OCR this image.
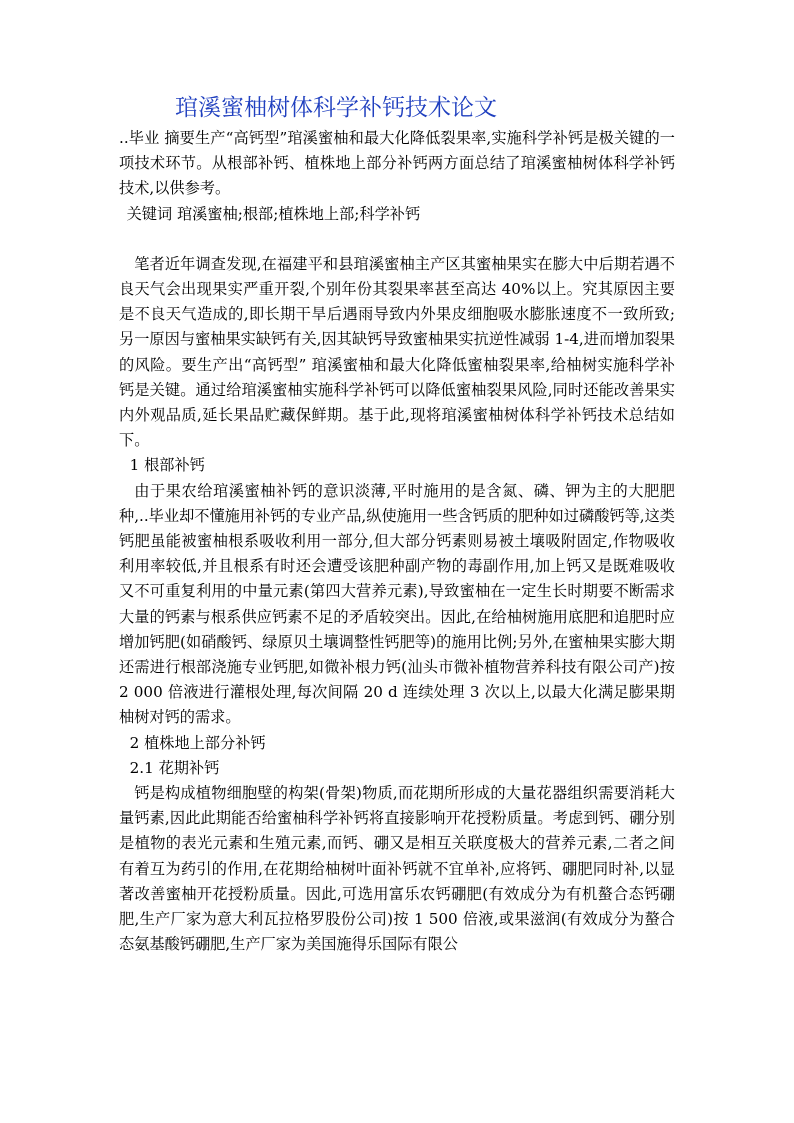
琯溪蜜柚树体科学补钙技术论文

..毕业 摘要生产“高钙型”琯溪蜜柚和最大化降低裂果率,实施科学补钙是极关键的一项技术环节。从根部补钙、植株地上部分补钙两方面总结了琯溪蜜柚树体科学补钙技术,以供参考。

关键词 琯溪蜜柚;根部;植株地上部;科学补钙

笔者近年调查发现,在福建平和县琯溪蜜柚主产区其蜜柚果实在膨大中后期若遇不良天气会出现果实严重开裂,个别年份其裂果率甚至高达 40%以上。究其原因主要是不良天气造成的,即长期干旱后遇雨导致内外果皮细胞吸水膨胀速度不一致所致;另一原因与蜜柚果实缺钙有关,因其缺钙导致蜜柚果实抗逆性减弱 1-4,进而增加裂果的风险。要生产出“高钙型” 琯溪蜜柚和最大化降低蜜柚裂果率,给柚树实施科学补钙是关键。通过给琯溪蜜柚实施科学补钙可以降低蜜柚裂果风险,同时还能改善果实内外观品质,延长果品贮藏保鲜期。基于此,现将琯溪蜜柚树体科学补钙技术总结如下。

1 根部补钙

由于果农给琯溪蜜柚补钙的意识淡薄,平时施用的是含氮、磷、钾为主的大肥肥种,..毕业却不懂施用补钙的专业产品,纵使施用一些含钙质的肥种如过磷酸钙等,这类钙肥虽能被蜜柚根系吸收利用一部分,但大部分钙素则易被土壤吸附固定,作物吸收利用率较低,并且根系有时还会遭受该肥种副产物的毒副作用,加上钙又是既难吸收又不可重复利用的中量元素(第四大营养元素),导致蜜柚在一定生长时期要不断需求大量的钙素与根系供应钙素不足的矛盾较突出。因此,在给柚树施用底肥和追肥时应增加钙肥(如硝酸钙、绿原贝土壤调整性钙肥等)的施用比例;另外,在蜜柚果实膨大期还需进行根部浇施专业钙肥,如微补根力钙(汕头市微补植物营养科技有限公司产)按 2 000 倍液进行灌根处理,每次间隔 20 d 连续处理 3 次以上,以最大化满足膨果期柚树对钙的需求。

2 植株地上部分补钙

2.1 花期补钙

钙是构成植物细胞壁的构架(骨架)物质,而花期所形成的大量花器组织需要消耗大量钙素,因此此期能否给蜜柚科学补钙将直接影响开花授粉质量。考虑到钙、硼分别是植物的表光元素和生殖元素,而钙、硼又是相互关联度极大的营养元素,二者之间有着互为药引的作用,在花期给柚树叶面补钙就不宜单补,应将钙、硼肥同时补,以显著改善蜜柚开花授粉质量。因此,可选用富乐农钙硼肥(有效成分为有机螯合态钙硼肥,生产厂家为意大利瓦拉格罗股份公司)按 1 500 倍液,或果滋润(有效成分为螯合态氨基酸钙硼肥,生产厂家为美国施得乐国际有限公
